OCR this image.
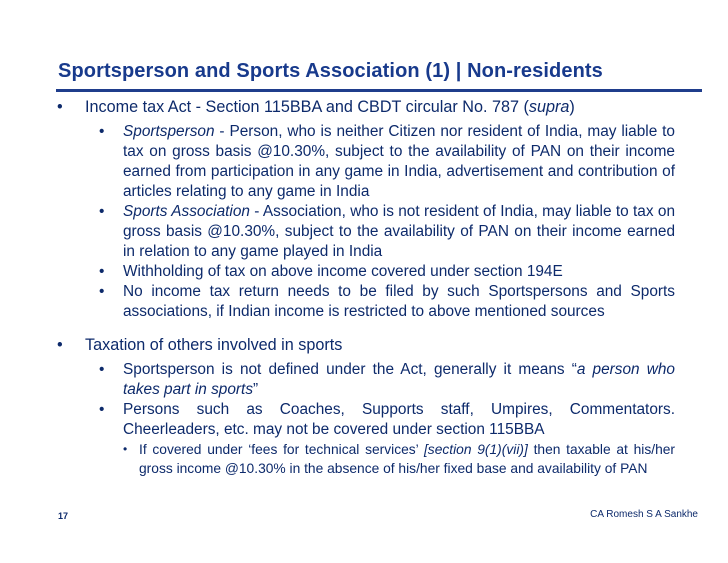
Sportsperson and Sports Association (1) | Non-residents
• Income tax Act - Section 115BBA and CBDT circular No. 787 (supra)
• Sportsperson - Person, who is neither Citizen nor resident of India, may liable to tax on gross basis @10.30%, subject to the availability of PAN on their income earned from participation in any game in India, advertisement and contribution of articles relating to any game in India
• Sports Association - Association, who is not resident of India, may liable to tax on gross basis @10.30%, subject to the availability of PAN on their income earned in relation to any game played in India
• Withholding of tax on above income covered under section 194E
• No income tax return needs to be filed by such Sportspersons and Sports associations, if Indian income is restricted to above mentioned sources
• Taxation of others involved in sports
• Sportsperson is not defined under the Act, generally it means “a person who takes part in sports”
• Persons such as Coaches, Supports staff, Umpires, Commentators. Cheerleaders, etc. may not be covered under section 115BBA
• If covered under ‘fees for technical services’ [section 9(1)(vii)] then taxable at his/her gross income @10.30% in the absence of his/her fixed base and availability of PAN
17	CA Romesh S A Sankhe
